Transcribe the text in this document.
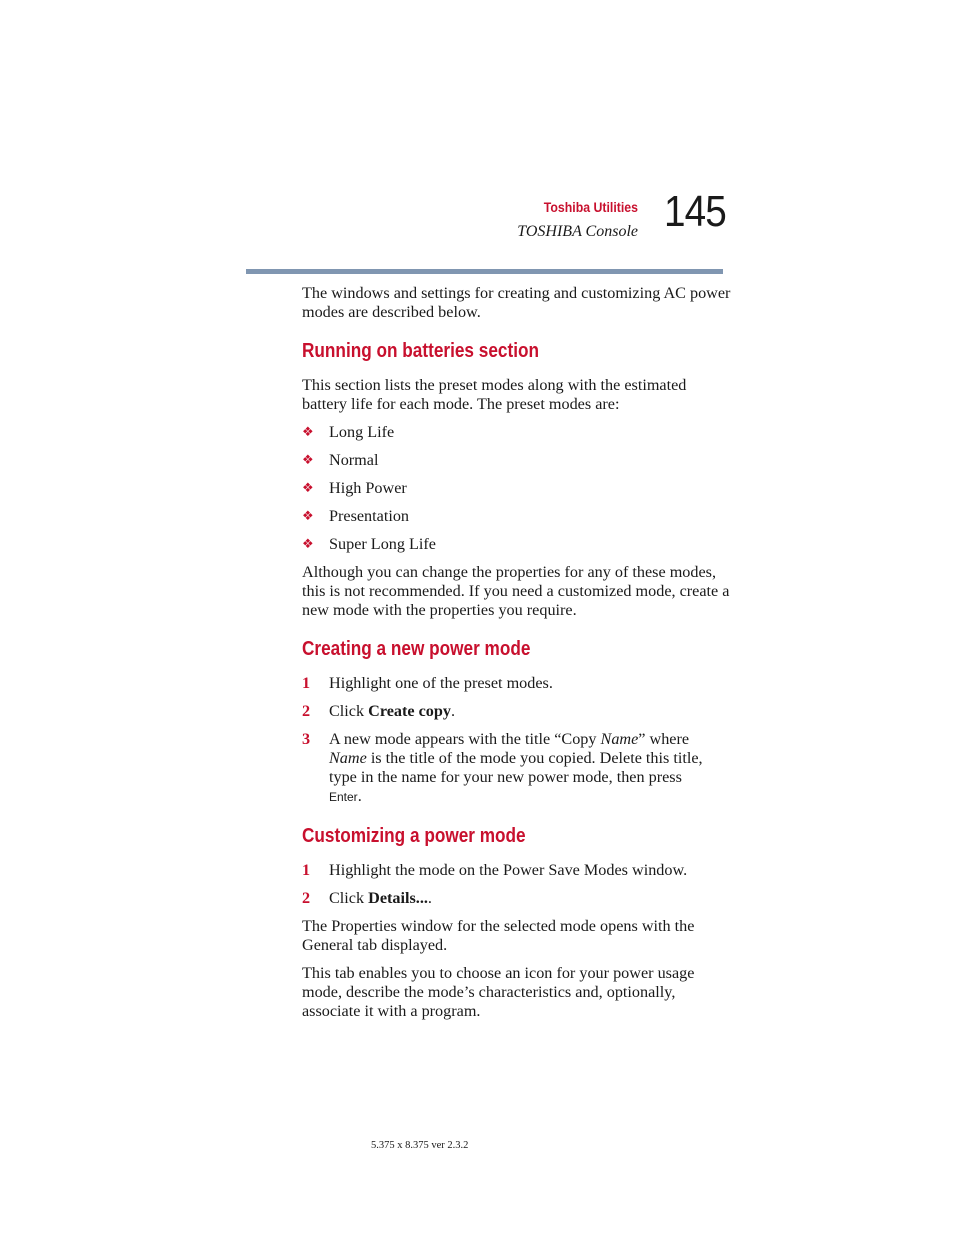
Toshiba Utilities
TOSHIBA Console 145

The windows and settings for creating and customizing AC power modes are described below.

Running on batteries section

This section lists the preset modes along with the estimated battery life for each mode. The preset modes are:

❖ Long Life
❖ Normal
❖ High Power
❖ Presentation
❖ Super Long Life

Although you can change the properties for any of these modes, this is not recommended. If you need a customized mode, create a new mode with the properties you require.

Creating a new power mode
1 Highlight one of the preset modes.
2 Click Create copy.
3 A new mode appears with the title “Copy Name” where
Name is the title of the mode you copied. Delete this title, type in the name for your new power mode, then press
Enter.
Customizing a power mode
1 Highlight the mode on the Power Save Modes window.
2 Click Details....

The Properties window for the selected mode opens with the General tab displayed.

This tab enables you to choose an icon for your power usage mode, describe the mode’s characteristics and, optionally, associate it with a program.

5.375 x 8.375 ver 2.3.2
